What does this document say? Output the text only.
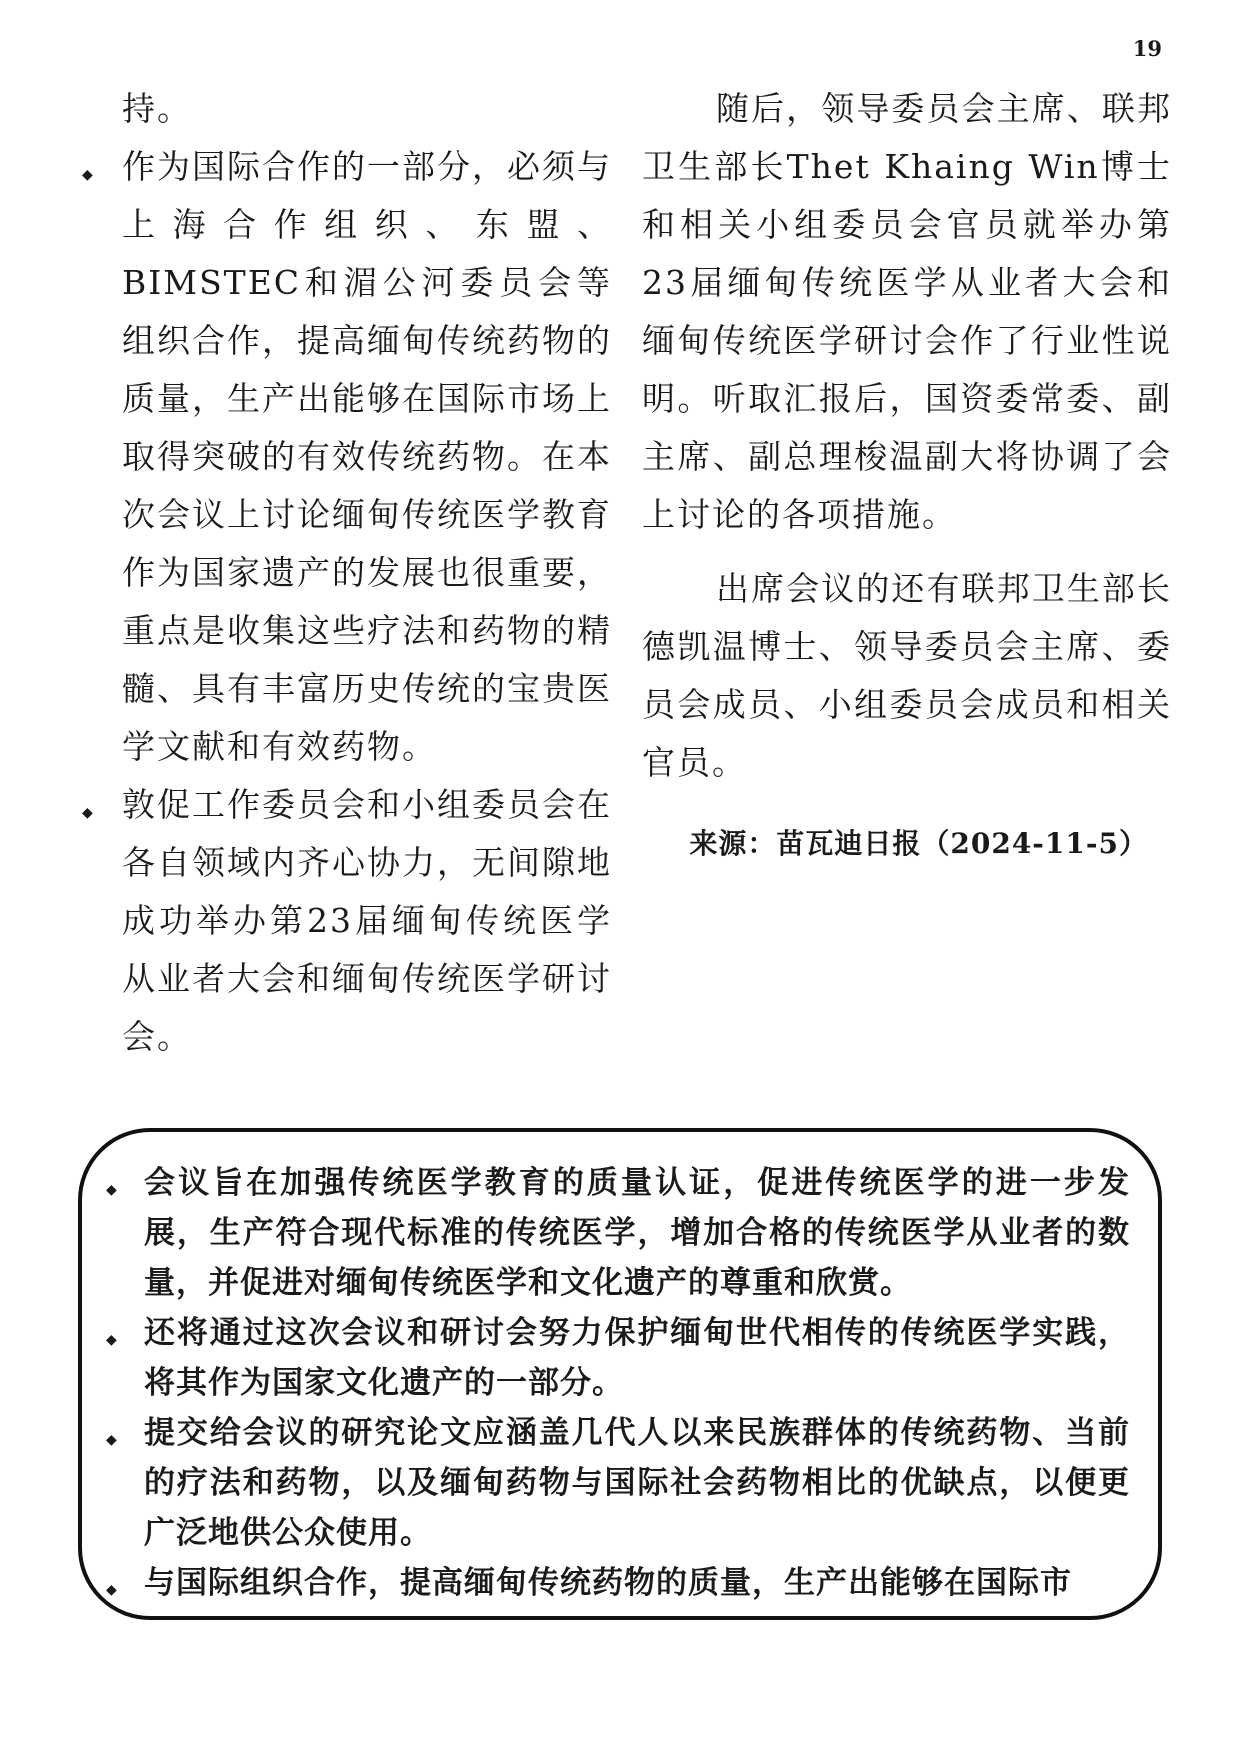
19

持。

◆ 作为国际合作的一部分，必须与上海合作组织、东盟、BIMSTEC和湄公河委员会等组织合作，提高缅甸传统药物的质量，生产出能够在国际市场上取得突破的有效传统药物。在本次会议上讨论缅甸传统医学教育作为国家遗产的发展也很重要，重点是收集这些疗法和药物的精髓、具有丰富历史传统的宝贵医学文献和有效药物。
◆ 敦促工作委员会和小组委员会在各自领域内齐心协力，无间隙地成功举办第23届缅甸传统医学从业者大会和缅甸传统医学研讨会。

随后，领导委员会主席、联邦卫生部长Thet Khaing Win博士和相关小组委员会官员就举办第23届缅甸传统医学从业者大会和缅甸传统医学研讨会作了行业性说明。听取汇报后，国资委常委、副主席、副总理梭温副大将协调了会上讨论的各项措施。

出席会议的还有联邦卫生部长德凯温博士、领导委员会主席、委员会成员、小组委员会成员和相关官员。

来源：苗瓦迪日报（2024-11-5）
◆ 会议旨在加强传统医学教育的质量认证，促进传统医学的进一步发展，生产符合现代标准的传统医学，增加合格的传统医学从业者的数量，并促进对缅甸传统医学和文化遗产的尊重和欣赏。
◆ 还将通过这次会议和研讨会努力保护缅甸世代相传的传统医学实践，将其作为国家文化遗产的一部分。
◆ 提交给会议的研究论文应涵盖几代人以来民族群体的传统药物、当前的疗法和药物，以及缅甸药物与国际社会药物相比的优缺点，以便更广泛地供公众使用。
◆ 与国际组织合作，提高缅甸传统药物的质量，生产出能够在国际市
